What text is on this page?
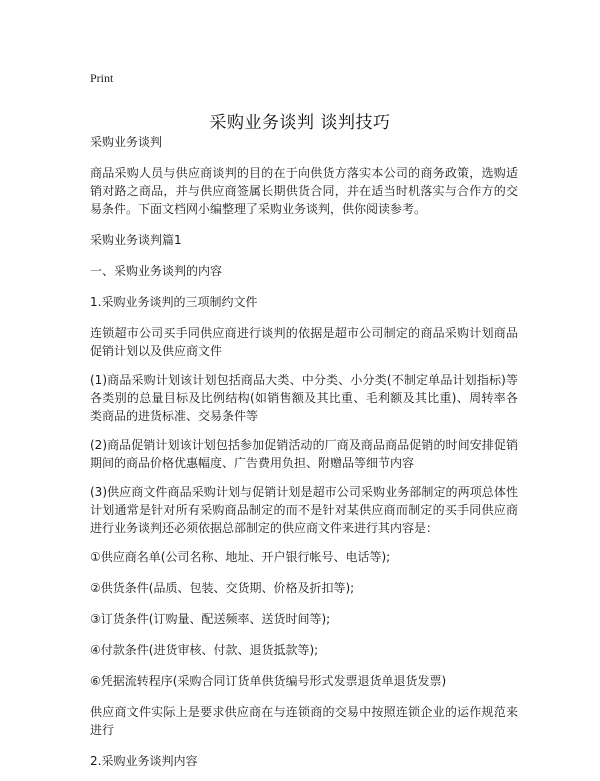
Print
采购业务谈判 谈判技巧

采购业务谈判

商品采购人员与供应商谈判的目的在于向供货方落实本公司的商务政策，选购适销对路之商品，并与供应商签属长期供货合同，并在适当时机落实与合作方的交易条件。下面文档网小编整理了采购业务谈判，供你阅读参考。

采购业务谈判篇1

一、采购业务谈判的内容

1.采购业务谈判的三项制约文件

连锁超市公司买手同供应商进行谈判的依据是超市公司制定的商品采购计划商品促销计划以及供应商文件

(1)商品采购计划该计划包括商品大类、中分类、小分类(不制定单品计划指标)等各类别的总量目标及比例结构(如销售额及其比重、毛利额及其比重)、周转率各类商品的进货标准、交易条件等

(2)商品促销计划该计划包括参加促销活动的厂商及商品商品促销的时间安排促销期间的商品价格优惠幅度、广告费用负担、附赠品等细节内容

(3)供应商文件商品采购计划与促销计划是超市公司采购业务部制定的两项总体性计划通常是针对所有采购商品制定的而不是针对某供应商而制定的买手同供应商进行业务谈判还必须依据总部制定的供应商文件来进行其内容是：

①供应商名单(公司名称、地址、开户银行帐号、电话等);

②供货条件(品质、包装、交货期、价格及折扣等);

③订货条件(订购量、配送频率、送货时间等);

④付款条件(进货审核、付款、退货抵款等);

⑥凭据流转程序(采购合同订货单供货编号形式发票退货单退货发票)

供应商文件实际上是要求供应商在与连锁商的交易中按照连锁企业的运作规范来进行

2.采购业务谈判内容
